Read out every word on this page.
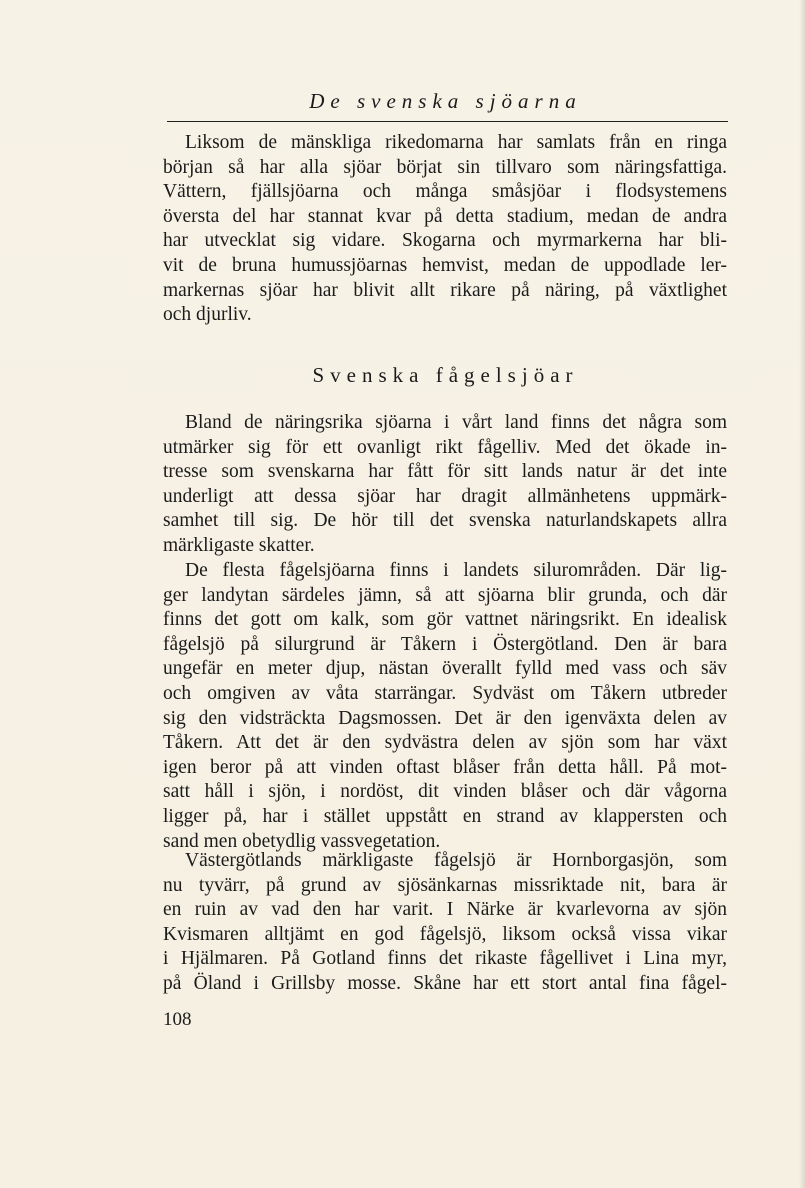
De svenska sjöarna
Liksom de mänskliga rikedomarna har samlats från en ringa
början så har alla sjöar börjat sin tillvaro som näringsfattiga.
Vättern, fjällsjöarna och många småsjöar i flodsystemens
översta del har stannat kvar på detta stadium, medan de andra
har utvecklat sig vidare. Skogarna och myrmarkerna har bli-
vit de bruna humussjöarnas hemvist, medan de uppodlade ler-
markernas sjöar har blivit allt rikare på näring, på växtlighet
och djurliv.
Svenska fågelsjöar
Bland de näringsrika sjöarna i vårt land finns det några som
utmärker sig för ett ovanligt rikt fågelliv. Med det ökade in-
tresse som svenskarna har fått för sitt lands natur är det inte
underligt att dessa sjöar har dragit allmänhetens uppmärk-
samhet till sig. De hör till det svenska naturlandskapets allra
märkligaste skatter.
De flesta fågelsjöarna finns i landets silurområden. Där lig-
ger landytan särdeles jämn, så att sjöarna blir grunda, och där
finns det gott om kalk, som gör vattnet näringsrikt. En idealisk
fågelsjö på silurgrund är Tåkern i Östergötland. Den är bara
ungefär en meter djup, nästan överallt fylld med vass och säv
och omgiven av våta starrängar. Sydväst om Tåkern utbreder
sig den vidsträckta Dagsmossen. Det är den igenväxta delen av
Tåkern. Att det är den sydvästra delen av sjön som har växt
igen beror på att vinden oftast blåser från detta håll. På mot-
satt håll i sjön, i nordöst, dit vinden blåser och där vågorna
ligger på, har i stället uppstått en strand av klappersten och
sand men obetydlig vassvegetation.
Västergötlands märkligaste fågelsjö är Hornborgasjön, som
nu tyvärr, på grund av sjösänkarnas missriktade nit, bara är
en ruin av vad den har varit. I Närke är kvarlevorna av sjön
Kvismaren alltjämt en god fågelsjö, liksom också vissa vikar
i Hjälmaren. På Gotland finns det rikaste fågellivet i Lina myr,
på Öland i Grillsby mosse. Skåne har ett stort antal fina fågel-
108
